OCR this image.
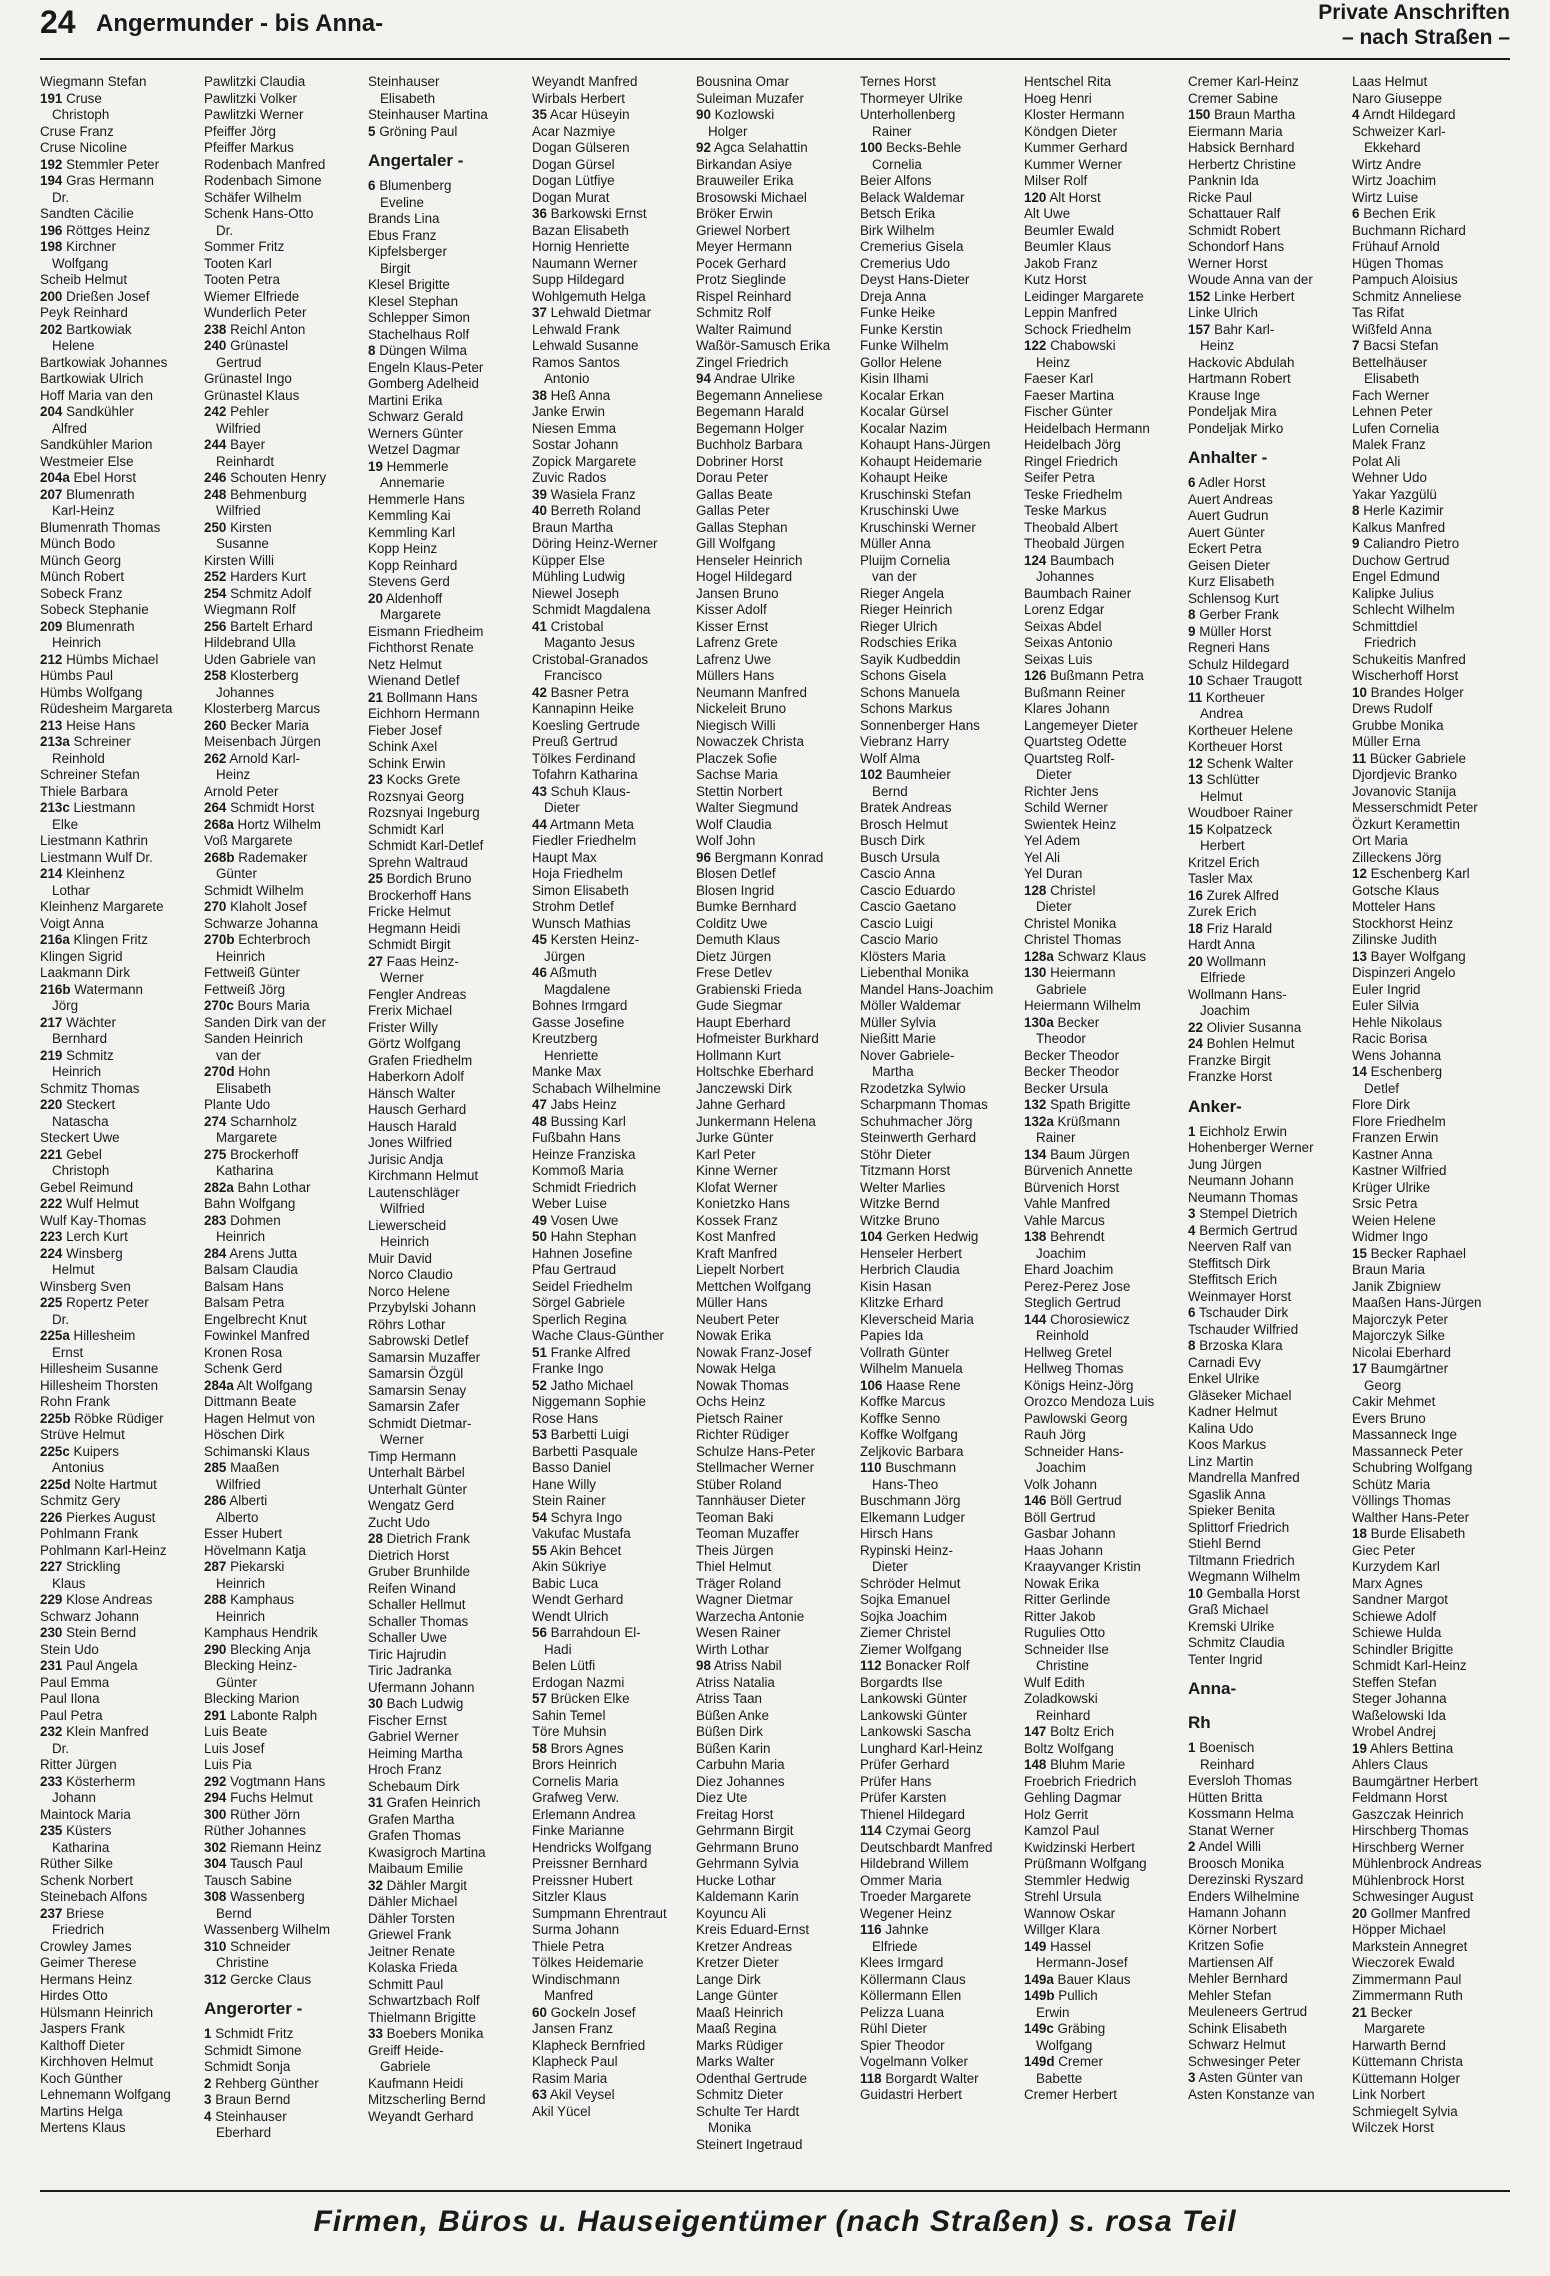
24 Angermunder - bis Anna-	Private Anschriften
– nach Straßen –
Wiegmann Stefan
191 Cruse
Christoph
Cruse Franz
Cruse Nicoline
192 Stemmler Peter
194 Gras Hermann
Dr.
Sandten Cäcilie
196 Röttges Heinz
198 Kirchner
Wolfgang
Scheib Helmut
200 Drießen Josef
Peyk Reinhard
202 Bartkowiak
Helene
Bartkowiak Johannes
Bartkowiak Ulrich
Hoff Maria van den
204 Sandkühler
Alfred
Sandkühler Marion
Westmeier Else
204a Ebel Horst
207 Blumenrath
Karl-Heinz
Blumenrath Thomas
Münch Bodo
Münch Georg
Münch Robert
Sobeck Franz
Sobeck Stephanie
209 Blumenrath
Heinrich
212 Hümbs Michael
Hümbs Paul
Hümbs Wolfgang
Rüdesheim Margareta
213 Heise Hans
213a Schreiner
Reinhold
Schreiner Stefan
Thiele Barbara
213c Liestmann
Elke
Liestmann Kathrin
Liestmann Wulf Dr.
214 Kleinhenz
Lothar
Kleinhenz Margarete
Voigt Anna
216a Klingen Fritz
Klingen Sigrid
Laakmann Dirk
216b Watermann
Jörg
217 Wächter
Bernhard
219 Schmitz
Heinrich
Schmitz Thomas
220 Steckert
Natascha
Steckert Uwe
221 Gebel
Christoph
Gebel Reimund
222 Wulf Helmut
Wulf Kay-Thomas
223 Lerch Kurt
224 Winsberg
Helmut
Winsberg Sven
225 Ropertz Peter
Dr.
225a Hillesheim
Ernst
Hillesheim Susanne
Hillesheim Thorsten
Rohn Frank
225b Röbke Rüdiger
Strüve Helmut
225c Kuipers
Antonius
225d Nolte Hartmut
Schmitz Gery
226 Pierkes August
Pohlmann Frank
Pohlmann Karl-Heinz
227 Strickling
Klaus
229 Klose Andreas
Schwarz Johann
230 Stein Bernd
Stein Udo
231 Paul Angela
Paul Emma
Paul Ilona
Paul Petra
232 Klein Manfred
Dr.
Ritter Jürgen
233 Kösterherm
Johann
Maintock Maria
235 Küsters
Katharina
Rüther Silke
Schenk Norbert
Steinebach Alfons
237 Briese
Friedrich
Crowley James
Geimer Therese
Hermans Heinz
Hirdes Otto
Hülsmann Heinrich
Jaspers Frank
Kalthoff Dieter
Kirchhoven Helmut
Koch Günther
Lehnemann Wolfgang
Martins Helga
Mertens Klaus
Pawlitzki Claudia
Pawlitzki Volker
Pawlitzki Werner
Pfeiffer Jörg
Pfeiffer Markus
Rodenbach Manfred
Rodenbach Simone
Schäfer Wilhelm
Schenk Hans-Otto
Dr.
Sommer Fritz
Tooten Karl
Tooten Petra
Wiemer Elfriede
Wunderlich Peter
238 Reichl Anton
240 Grünastel
Gertrud
Grünastel Ingo
Grünastel Klaus
242 Pehler
Wilfried
244 Bayer
Reinhardt
246 Schouten Henry
248 Behmenburg
Wilfried
250 Kirsten
Susanne
Kirsten Willi
252 Harders Kurt
254 Schmitz Adolf
Wiegmann Rolf
256 Bartelt Erhard
Hildebrand Ulla
Uden Gabriele van
258 Klosterberg
Johannes
Klosterberg Marcus
260 Becker Maria
Meisenbach Jürgen
262 Arnold Karl-
Heinz
Arnold Peter
264 Schmidt Horst
268a Hortz Wilhelm
Voß Margarete
268b Rademaker
Günter
Schmidt Wilhelm
270 Klaholt Josef
Schwarze Johanna
270b Echterbroch
Heinrich
Fettweiß Günter
Fettweiß Jörg
270c Bours Maria
Sanden Dirk van der
Sanden Heinrich
van der
270d Hohn
Elisabeth
Plante Udo
274 Scharnholz
Margarete
275 Brockerhoff
Katharina
282a Bahn Lothar
Bahn Wolfgang
283 Dohmen
Heinrich
284 Arens Jutta
Balsam Claudia
Balsam Hans
Balsam Petra
Engelbrecht Knut
Fowinkel Manfred
Kronen Rosa
Schenk Gerd
284a Alt Wolfgang
Dittmann Beate
Hagen Helmut von
Höschen Dirk
Schimanski Klaus
285 Maaßen
Wilfried
286 Alberti
Alberto
Esser Hubert
Hövelmann Katja
287 Piekarski
Heinrich
288 Kamphaus
Heinrich
Kamphaus Hendrik
290 Blecking Anja
Blecking Heinz-
Günter
Blecking Marion
291 Labonte Ralph
Luis Beate
Luis Josef
Luis Pia
292 Vogtmann Hans
294 Fuchs Helmut
300 Rüther Jörn
Rüther Johannes
302 Riemann Heinz
304 Tausch Paul
Tausch Sabine
308 Wassenberg
Bernd
Wassenberg Wilhelm
310 Schneider
Christine
312 Gercke Claus
Angerorter -
1 Schmidt Fritz
Schmidt Simone
Schmidt Sonja
2 Rehberg Günther
3 Braun Bernd
4 Steinhauser
Eberhard
Steinhauser
Elisabeth
Steinhauser Martina
5 Gröning Paul
Angertaler -
6 Blumenberg
Eveline
Brands Lina
Ebus Franz
Kipfelsberger
Birgit
Klesel Brigitte
Klesel Stephan
Schlepper Simon
Stachelhaus Rolf
8 Düngen Wilma
Engeln Klaus-Peter
Gomberg Adelheid
Martini Erika
Schwarz Gerald
Werners Günter
Wetzel Dagmar
19 Hemmerle
Annemarie
Hemmerle Hans
Kemmling Kai
Kemmling Karl
Kopp Heinz
Kopp Reinhard
Stevens Gerd
20 Aldenhoff
Margarete
Eismann Friedheim
Fichthorst Renate
Netz Helmut
Wienand Detlef
21 Bollmann Hans
Eichhorn Hermann
Fieber Josef
Schink Axel
Schink Erwin
23 Kocks Grete
Rozsnyai Georg
Rozsnyai Ingeburg
Schmidt Karl
Schmidt Karl-Detlef
Sprehn Waltraud
25 Bordich Bruno
Brockerhoff Hans
Fricke Helmut
Hegmann Heidi
Schmidt Birgit
27 Faas Heinz-
Werner
Fengler Andreas
Frerix Michael
Frister Willy
Görtz Wolfgang
Grafen Friedhelm
Haberkorn Adolf
Hänsch Walter
Hausch Gerhard
Hausch Harald
Jones Wilfried
Jurisic Andja
Kirchmann Helmut
Lautenschläger
Wilfried
Liewerscheid
Heinrich
Muir David
Norco Claudio
Norco Helene
Przybylski Johann
Röhrs Lothar
Sabrowski Detlef
Samarsin Muzaffer
Samarsin Özgül
Samarsin Senay
Samarsin Zafer
Schmidt Dietmar-
Werner
Timp Hermann
Unterhalt Bärbel
Unterhalt Günter
Wengatz Gerd
Zucht Udo
28 Dietrich Frank
Dietrich Horst
Gruber Brunhilde
Reifen Winand
Schaller Hellmut
Schaller Thomas
Schaller Uwe
Tiric Hajrudin
Tiric Jadranka
Ufermann Johann
30 Bach Ludwig
Fischer Ernst
Gabriel Werner
Heiming Martha
Hroch Franz
Schebaum Dirk
31 Grafen Heinrich
Grafen Martha
Grafen Thomas
Kwasigroch Martina
Maibaum Emilie
32 Dähler Margit
Dähler Michael
Dähler Torsten
Griewel Frank
Jeitner Renate
Kolaska Frieda
Schmitt Paul
Schwartzbach Rolf
Thielmann Brigitte
33 Boebers Monika
Greiff Heide-
Gabriele
Kaufmann Heidi
Mitzscherling Bernd
Weyandt Gerhard
Weyandt Manfred
Wirbals Herbert
35 Acar Hüseyin
Acar Nazmiye
Dogan Gülseren
Dogan Gürsel
Dogan Lütfiye
Dogan Murat
36 Barkowski Ernst
Bazan Elisabeth
Hornig Henriette
Naumann Werner
Supp Hildegard
Wohlgemuth Helga
37 Lehwald Dietmar
Lehwald Frank
Lehwald Susanne
Ramos Santos
Antonio
38 Heß Anna
Janke Erwin
Niesen Emma
Sostar Johann
Zopick Margarete
Zuvic Rados
39 Wasiela Franz
40 Berreth Roland
Braun Martha
Döring Heinz-Werner
Küpper Else
Mühling Ludwig
Niewel Joseph
Schmidt Magdalena
41 Cristobal
Maganto Jesus
Cristobal-Granados
Francisco
42 Basner Petra
Kannapinn Heike
Koesling Gertrude
Preuß Gertrud
Tölkes Ferdinand
Tofahrn Katharina
43 Schuh Klaus-
Dieter
44 Artmann Meta
Fiedler Friedhelm
Haupt Max
Hoja Friedhelm
Simon Elisabeth
Strohm Detlef
Wunsch Mathias
45 Kersten Heinz-
Jürgen
46 Aßmuth
Magdalene
Bohnes Irmgard
Gasse Josefine
Kreutzberg
Henriette
Manke Max
Schabach Wilhelmine
47 Jabs Heinz
48 Bussing Karl
Fußbahn Hans
Heinze Franziska
Kommoß Maria
Schmidt Friedrich
Weber Luise
49 Vosen Uwe
50 Hahn Stephan
Hahnen Josefine
Pfau Gertraud
Seidel Friedhelm
Sörgel Gabriele
Sperlich Regina
Wache Claus-Günther
51 Franke Alfred
Franke Ingo
52 Jatho Michael
Niggemann Sophie
Rose Hans
53 Barbetti Luigi
Barbetti Pasquale
Basso Daniel
Hane Willy
Stein Rainer
54 Schyra Ingo
Vakufac Mustafa
55 Akin Behcet
Akin Sükriye
Babic Luca
Wendt Gerhard
Wendt Ulrich
56 Barrahdoun El-
Hadi
Belen Lütfi
Erdogan Nazmi
57 Brücken Elke
Sahin Temel
Töre Muhsin
58 Brors Agnes
Brors Heinrich
Cornelis Maria
Grafweg Verw.
Erlemann Andrea
Finke Marianne
Hendricks Wolfgang
Preissner Bernhard
Preissner Hubert
Sitzler Klaus
Sumpmann Ehrentraut
Surma Johann
Thiele Petra
Tölkes Heidemarie
Windischmann
Manfred
60 Gockeln Josef
Jansen Franz
Klapheck Bernfried
Klapheck Paul
Rasim Maria
63 Akil Veysel
Akil Yücel
Bousnina Omar
Suleiman Muzafer
90 Kozlowski
Holger
92 Agca Selahattin
Birkandan Asiye
Brauweiler Erika
Brosowski Michael
Bröker Erwin
Griewel Norbert
Meyer Hermann
Pocek Gerhard
Protz Sieglinde
Rispel Reinhard
Schmitz Rolf
Walter Raimund
Waßör-Samusch Erika
Zingel Friedrich
94 Andrae Ulrike
Begemann Anneliese
Begemann Harald
Begemann Holger
Buchholz Barbara
Dobriner Horst
Dorau Peter
Gallas Beate
Gallas Peter
Gallas Stephan
Gill Wolfgang
Henseler Heinrich
Hogel Hildegard
Jansen Bruno
Kisser Adolf
Kisser Ernst
Lafrenz Grete
Lafrenz Uwe
Müllers Hans
Neumann Manfred
Nickeleit Bruno
Niegisch Willi
Nowaczek Christa
Placzek Sofie
Sachse Maria
Stettin Norbert
Walter Siegmund
Wolf Claudia
Wolf John
96 Bergmann Konrad
Blosen Detlef
Blosen Ingrid
Bumke Bernhard
Colditz Uwe
Demuth Klaus
Dietz Jürgen
Frese Detlev
Grabienski Frieda
Gude Siegmar
Haupt Eberhard
Hofmeister Burkhard
Hollmann Kurt
Holtschke Eberhard
Janczewski Dirk
Jahne Gerhard
Junkermann Helena
Jurke Günter
Karl Peter
Kinne Werner
Klofat Werner
Konietzko Hans
Kossek Franz
Kost Manfred
Kraft Manfred
Liepelt Norbert
Mettchen Wolfgang
Müller Hans
Neubert Peter
Nowak Erika
Nowak Franz-Josef
Nowak Helga
Nowak Thomas
Ochs Heinz
Pietsch Rainer
Richter Rüdiger
Schulze Hans-Peter
Stellmacher Werner
Stüber Roland
Tannhäuser Dieter
Teoman Baki
Teoman Muzaffer
Theis Jürgen
Thiel Helmut
Träger Roland
Wagner Dietmar
Warzecha Antonie
Wesen Rainer
Wirth Lothar
98 Atriss Nabil
Atriss Natalia
Atriss Taan
Büßen Anke
Büßen Dirk
Büßen Karin
Carbuhn Maria
Diez Johannes
Diez Ute
Freitag Horst
Gehrmann Birgit
Gehrmann Bruno
Gehrmann Sylvia
Hucke Lothar
Kaldemann Karin
Koyuncu Ali
Kreis Eduard-Ernst
Kretzer Andreas
Kretzer Dieter
Lange Dirk
Lange Günter
Maaß Heinrich
Maaß Regina
Marks Rüdiger
Marks Walter
Odenthal Gertrude
Schmitz Dieter
Schulte Ter Hardt
Monika
Steinert Ingetraud
Ternes Horst
Thormeyer Ulrike
Unterhollenberg
Rainer
100 Becks-Behle
Cornelia
Beier Alfons
Belack Waldemar
Betsch Erika
Birk Wilhelm
Cremerius Gisela
Cremerius Udo
Deyst Hans-Dieter
Dreja Anna
Funke Heike
Funke Kerstin
Funke Wilhelm
Gollor Helene
Kisin Ilhami
Kocalar Erkan
Kocalar Gürsel
Kocalar Nazim
Kohaupt Hans-Jürgen
Kohaupt Heidemarie
Kohaupt Heike
Kruschinski Stefan
Kruschinski Uwe
Kruschinski Werner
Müller Anna
Pluijm Cornelia
van der
Rieger Angela
Rieger Heinrich
Rieger Ulrich
Rodschies Erika
Sayik Kudbeddin
Schons Gisela
Schons Manuela
Schons Markus
Sonnenberger Hans
Viebranz Harry
Wolf Alma
102 Baumheier
Bernd
Bratek Andreas
Brosch Helmut
Busch Dirk
Busch Ursula
Cascio Anna
Cascio Eduardo
Cascio Gaetano
Cascio Luigi
Cascio Mario
Klösters Maria
Liebenthal Monika
Mandel Hans-Joachim
Möller Waldemar
Müller Sylvia
Nießitt Marie
Nover Gabriele-
Martha
Rzodetzka Sylwio
Scharpmann Thomas
Schuhmacher Jörg
Steinwerth Gerhard
Stöhr Dieter
Titzmann Horst
Welter Marlies
Witzke Bernd
Witzke Bruno
104 Gerken Hedwig
Henseler Herbert
Herbrich Claudia
Kisin Hasan
Klitzke Erhard
Kleverscheid Maria
Papies Ida
Vollrath Günter
Wilhelm Manuela
106 Haase Rene
Koffke Marcus
Koffke Senno
Koffke Wolfgang
Zeljkovic Barbara
110 Buschmann
Hans-Theo
Buschmann Jörg
Elkemann Ludger
Hirsch Hans
Rypinski Heinz-
Dieter
Schröder Helmut
Sojka Emanuel
Sojka Joachim
Ziemer Christel
Ziemer Wolfgang
112 Bonacker Rolf
Borgardts Ilse
Lankowski Günter
Lankowski Günter
Lankowski Sascha
Lunghard Karl-Heinz
Prüfer Gerhard
Prüfer Hans
Prüfer Karsten
Thienel Hildegard
114 Czymai Georg
Deutschbardt Manfred
Hildebrand Willem
Ommer Maria
Troeder Margarete
Wegener Heinz
116 Jahnke
Elfriede
Klees Irmgard
Köllermann Claus
Köllermann Ellen
Pelizza Luana
Rühl Dieter
Spier Theodor
Vogelmann Volker
118 Borgardt Walter
Guidastri Herbert
Hentschel Rita
Hoeg Henri
Kloster Hermann
Köndgen Dieter
Kummer Gerhard
Kummer Werner
Milser Rolf
120 Alt Horst
Alt Uwe
Beumler Ewald
Beumler Klaus
Jakob Franz
Kutz Horst
Leidinger Margarete
Leppin Manfred
Schock Friedhelm
122 Chabowski
Heinz
Faeser Karl
Faeser Martina
Fischer Günter
Heidelbach Hermann
Heidelbach Jörg
Ringel Friedrich
Seifer Petra
Teske Friedhelm
Teske Markus
Theobald Albert
Theobald Jürgen
124 Baumbach
Johannes
Baumbach Rainer
Lorenz Edgar
Seixas Abdel
Seixas Antonio
Seixas Luis
126 Bußmann Petra
Bußmann Reiner
Klares Johann
Langemeyer Dieter
Quartsteg Odette
Quartsteg Rolf-
Dieter
Richter Jens
Schild Werner
Swientek Heinz
Yel Adem
Yel Ali
Yel Duran
128 Christel
Dieter
Christel Monika
Christel Thomas
128a Schwarz Klaus
130 Heiermann
Gabriele
Heiermann Wilhelm
130a Becker
Theodor
Becker Theodor
Becker Theodor
Becker Ursula
132 Spath Brigitte
132a Krüßmann
Rainer
134 Baum Jürgen
Bürvenich Annette
Bürvenich Horst
Vahle Manfred
Vahle Marcus
138 Behrendt
Joachim
Ehard Joachim
Perez-Perez Jose
Steglich Gertrud
144 Chorosiewicz
Reinhold
Hellweg Gretel
Hellweg Thomas
Königs Heinz-Jörg
Orozco Mendoza Luis
Pawlowski Georg
Rauh Jörg
Schneider Hans-
Joachim
Volk Johann
146 Böll Gertrud
Böll Gertrud
Gasbar Johann
Haas Johann
Kraayvanger Kristin
Nowak Erika
Ritter Gerlinde
Ritter Jakob
Rugulies Otto
Schneider Ilse
Christine
Wulf Edith
Zoladkowski
Reinhard
147 Boltz Erich
Boltz Wolfgang
148 Bluhm Marie
Froebrich Friedrich
Gehling Dagmar
Holz Gerrit
Kamzol Paul
Kwidzinski Herbert
Prüßmann Wolfgang
Stemmler Hedwig
Strehl Ursula
Wannow Oskar
Willger Klara
149 Hassel
Hermann-Josef
149a Bauer Klaus
149b Pullich
Erwin
149c Gräbing
Wolfgang
149d Cremer
Babette
Cremer Herbert
Cremer Karl-Heinz
Cremer Sabine
150 Braun Martha
Eiermann Maria
Habsick Bernhard
Herbertz Christine
Panknin Ida
Ricke Paul
Schattauer Ralf
Schmidt Robert
Schondorf Hans
Werner Horst
Woude Anna van der
152 Linke Herbert
Linke Ulrich
157 Bahr Karl-
Heinz
Hackovic Abdulah
Hartmann Robert
Krause Inge
Pondeljak Mira
Pondeljak Mirko
Anhalter -
6 Adler Horst
Auert Andreas
Auert Gudrun
Auert Günter
Eckert Petra
Geisen Dieter
Kurz Elisabeth
Schlensog Kurt
8 Gerber Frank
9 Müller Horst
Regneri Hans
Schulz Hildegard
10 Schaer Traugott
11 Kortheuer
Andrea
Kortheuer Helene
Kortheuer Horst
12 Schenk Walter
13 Schlütter
Helmut
Woudboer Rainer
15 Kolpatzeck
Herbert
Kritzel Erich
Tasler Max
16 Zurek Alfred
Zurek Erich
18 Friz Harald
Hardt Anna
20 Wollmann
Elfriede
Wollmann Hans-
Joachim
22 Olivier Susanna
24 Bohlen Helmut
Franzke Birgit
Franzke Horst
Anker-
1 Eichholz Erwin
Hohenberger Werner
Jung Jürgen
Neumann Johann
Neumann Thomas
3 Stempel Dietrich
4 Bermich Gertrud
Neerven Ralf van
Steffitsch Dirk
Steffitsch Erich
Weinmayer Horst
6 Tschauder Dirk
Tschauder Wilfried
8 Brzoska Klara
Carnadi Evy
Enkel Ulrike
Gläseker Michael
Kadner Helmut
Kalina Udo
Koos Markus
Linz Martin
Mandrella Manfred
Sgaslik Anna
Spieker Benita
Splittorf Friedrich
Stiehl Bernd
Tiltmann Friedrich
Wegmann Wilhelm
10 Gemballa Horst
Graß Michael
Kremski Ulrike
Schmitz Claudia
Tenter Ingrid
Anna-
Rh
1 Boenisch
Reinhard
Eversloh Thomas
Hütten Britta
Kossmann Helma
Stanat Werner
2 Andel Willi
Broosch Monika
Derezinski Ryszard
Enders Wilhelmine
Hamann Johann
Körner Norbert
Kritzen Sofie
Martiensen Alf
Mehler Bernhard
Mehler Stefan
Meuleneers Gertrud
Schink Elisabeth
Schwarz Helmut
Schwesinger Peter
3 Asten Günter van
Asten Konstanze van
Laas Helmut
Naro Giuseppe
4 Arndt Hildegard
Schweizer Karl-
Ekkehard
Wirtz Andre
Wirtz Joachim
Wirtz Luise
6 Bechen Erik
Buchmann Richard
Frühauf Arnold
Hügen Thomas
Pampuch Aloisius
Schmitz Anneliese
Tas Rifat
Wißfeld Anna
7 Bacsi Stefan
Bettelhäuser
Elisabeth
Fach Werner
Lehnen Peter
Lufen Cornelia
Malek Franz
Polat Ali
Wehner Udo
Yakar Yazgülü
8 Herle Kazimir
Kalkus Manfred
9 Caliandro Pietro
Duchow Gertrud
Engel Edmund
Kalipke Julius
Schlecht Wilhelm
Schmittdiel
Friedrich
Schukeitis Manfred
Wischerhoff Horst
10 Brandes Holger
Drews Rudolf
Grubbe Monika
Müller Erna
11 Bücker Gabriele
Djordjevic Branko
Jovanovic Stanija
Messerschmidt Peter
Özkurt Keramettin
Ort Maria
Zilleckens Jörg
12 Eschenberg Karl
Gotsche Klaus
Motteler Hans
Stockhorst Heinz
Zilinske Judith
13 Bayer Wolfgang
Dispinzeri Angelo
Euler Ingrid
Euler Silvia
Hehle Nikolaus
Racic Borisa
Wens Johanna
14 Eschenberg
Detlef
Flore Dirk
Flore Friedhelm
Franzen Erwin
Kastner Anna
Kastner Wilfried
Krüger Ulrike
Srsic Petra
Weien Helene
Widmer Ingo
15 Becker Raphael
Braun Maria
Janik Zbigniew
Maaßen Hans-Jürgen
Majorczyk Peter
Majorczyk Silke
Nicolai Eberhard
17 Baumgärtner
Georg
Cakir Mehmet
Evers Bruno
Massanneck Inge
Massanneck Peter
Schubring Wolfgang
Schütz Maria
Völlings Thomas
Walther Hans-Peter
18 Burde Elisabeth
Giec Peter
Kurzydem Karl
Marx Agnes
Sandner Margot
Schiewe Adolf
Schiewe Hulda
Schindler Brigitte
Schmidt Karl-Heinz
Steffen Stefan
Steger Johanna
Waßelowski Ida
Wrobel Andrej
19 Ahlers Bettina
Ahlers Claus
Baumgärtner Herbert
Feldmann Horst
Gaszczak Heinrich
Hirschberg Thomas
Hirschberg Werner
Mühlenbrock Andreas
Mühlenbrock Horst
Schwesinger August
20 Gollmer Manfred
Höpper Michael
Markstein Annegret
Wieczorek Ewald
Zimmermann Paul
Zimmermann Ruth
21 Becker
Margarete
Harwarth Bernd
Küttemann Christa
Küttemann Holger
Link Norbert
Schmiegelt Sylvia
Wilczek Horst
Firmen, Büros u. Hauseigentümer (nach Straßen) s. rosa Teil
